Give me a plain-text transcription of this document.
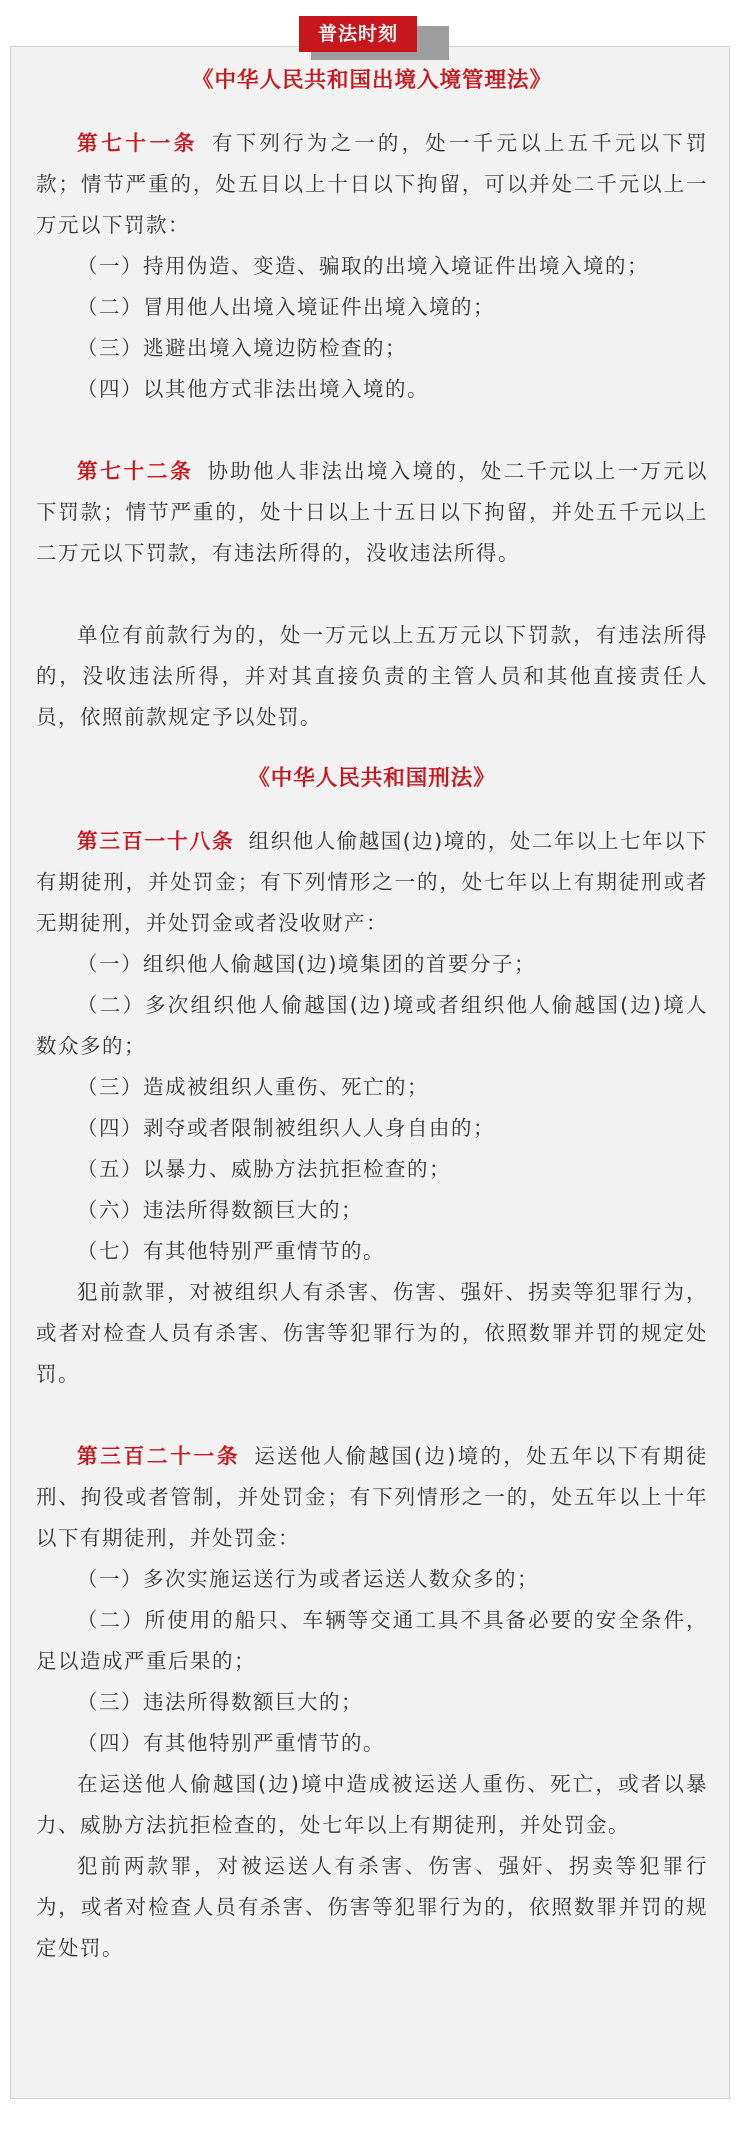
普法时刻

《中华人民共和国出境入境管理法》

第七十一条 有下列行为之一的，处一千元以上五千元以下罚款；情节严重的，处五日以上十日以下拘留，可以并处二千元以上一万元以下罚款：

（一）持用伪造、变造、骗取的出境入境证件出境入境的；

（二）冒用他人出境入境证件出境入境的；

（三）逃避出境入境边防检查的；

（四）以其他方式非法出境入境的。

第七十二条 协助他人非法出境入境的，处二千元以上一万元以下罚款；情节严重的，处十日以上十五日以下拘留，并处五千元以上二万元以下罚款，有违法所得的，没收违法所得。

单位有前款行为的，处一万元以上五万元以下罚款，有违法所得的，没收违法所得，并对其直接负责的主管人员和其他直接责任人员，依照前款规定予以处罚。

《中华人民共和国刑法》

第三百一十八条 组织他人偷越国(边)境的，处二年以上七年以下有期徒刑，并处罚金；有下列情形之一的，处七年以上有期徒刑或者无期徒刑，并处罚金或者没收财产：

（一）组织他人偷越国(边)境集团的首要分子；

（二）多次组织他人偷越国(边)境或者组织他人偷越国(边)境人数众多的；

（三）造成被组织人重伤、死亡的；

（四）剥夺或者限制被组织人人身自由的；

（五）以暴力、威胁方法抗拒检查的；

（六）违法所得数额巨大的；

（七）有其他特别严重情节的。

犯前款罪，对被组织人有杀害、伤害、强奸、拐卖等犯罪行为，或者对检查人员有杀害、伤害等犯罪行为的，依照数罪并罚的规定处罚。

第三百二十一条 运送他人偷越国(边)境的，处五年以下有期徒刑、拘役或者管制，并处罚金；有下列情形之一的，处五年以上十年以下有期徒刑，并处罚金：

（一）多次实施运送行为或者运送人数众多的；

（二）所使用的船只、车辆等交通工具不具备必要的安全条件，足以造成严重后果的；

（三）违法所得数额巨大的；

（四）有其他特别严重情节的。

在运送他人偷越国(边)境中造成被运送人重伤、死亡，或者以暴力、威胁方法抗拒检查的，处七年以上有期徒刑，并处罚金。

犯前两款罪，对被运送人有杀害、伤害、强奸、拐卖等犯罪行为，或者对检查人员有杀害、伤害等犯罪行为的，依照数罪并罚的规定处罚。
